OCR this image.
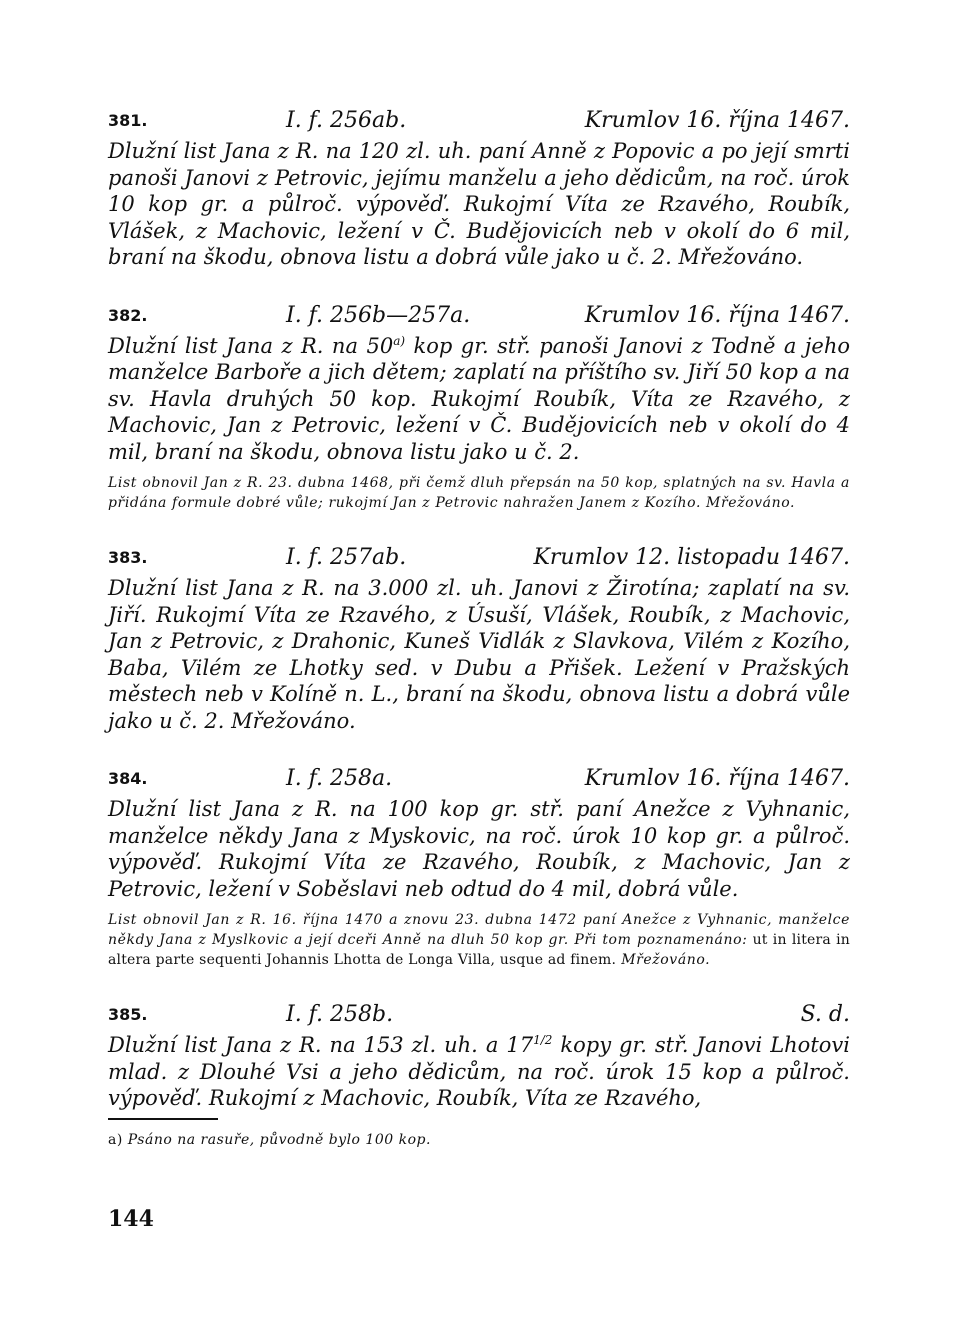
381.	I. f. 256ab.	Krumlov 16. října 1467.

Dlužní list Jana z R. na 120 zl. uh. paní Anně z Popovic a po její smrti panoši Janovi z Petrovic, jejímu manželu a jeho dědicům, na roč. úrok 10 kop gr. a půlroč. výpověď. Rukojmí Víta ze Rzavého, Roubík, Vlášek, z Machovic, ležení v Č. Budějovicích neb v okolí do 6 mil, braní na škodu, obnova listu a dobrá vůle jako u č. 2. Mřežováno.

382.	I. f. 256b—257a.	Krumlov 16. října 1467.

Dlužní list Jana z R. na 50$^{a)}$ kop gr. stř. panoši Janovi z Todně a jeho manželce Barboře a jich dětem; zaplatí na příštího sv. Jiří 50 kop a na sv. Havla druhých 50 kop. Rukojmí Roubík, Víta ze Rzavého, z Machovic, Jan z Petrovic, ležení v Č. Budějovicích neb v okolí do 4 mil, braní na škodu, obnova listu jako u č. 2.

List obnovil Jan z R. 23. dubna 1468, při čemž dluh přepsán na 50 kop, splatných na sv. Havla a přidána formule dobré vůle; rukojmí Jan z Petrovic nahražen Janem z Kozího. Mřežováno.

383.	I. f. 257ab.	Krumlov 12. listopadu 1467.

Dlužní list Jana z R. na 3.000 zl. uh. Janovi z Žirotína; zaplatí na sv. Jiří. Rukojmí Víta ze Rzavého, z Úsuší, Vlášek, Roubík, z Machovic, Jan z Petrovic, z Drahonic, Kuneš Vidlák z Slavkova, Vilém z Kozího, Baba, Vilém ze Lhotky sed. v Dubu a Přišek. Ležení v Pražských městech neb v Kolíně n. L., braní na škodu, obnova listu a dobrá vůle jako u č. 2. Mřežováno.

384.	I. f. 258a.	Krumlov 16. října 1467.

Dlužní list Jana z R. na 100 kop gr. stř. paní Anežce z Vyhnanic, manželce někdy Jana z Myskovic, na roč. úrok 10 kop gr. a půlroč. výpověď. Rukojmí Víta ze Rzavého, Roubík, z Machovic, Jan z Petrovic, ležení v Soběslavi neb odtud do 4 mil, dobrá vůle.

List obnovil Jan z R. 16. října 1470 a znovu 23. dubna 1472 paní Anežce z Vyhnanic, manželce někdy Jana z Myslkovic a její dceři Anně na dluh 50 kop gr. Při tom poznamenáno: ut in litera in altera parte sequenti Johannis Lhotta de Longa Villa, usque ad finem. Mřežováno.

385.	I. f. 258b.	S. d.

Dlužní list Jana z R. na 153 zl. uh. a $17^{1/2}$ kopy gr. stř. Janovi Lhotovi mlad. z Dlouhé Vsi a jeho dědicům, na roč. úrok 15 kop a půlroč. výpověď. Rukojmí z Machovic, Roubík, Víta ze Rzavého,

a) Psáno na rasuře, původně bylo 100 kop.
144
